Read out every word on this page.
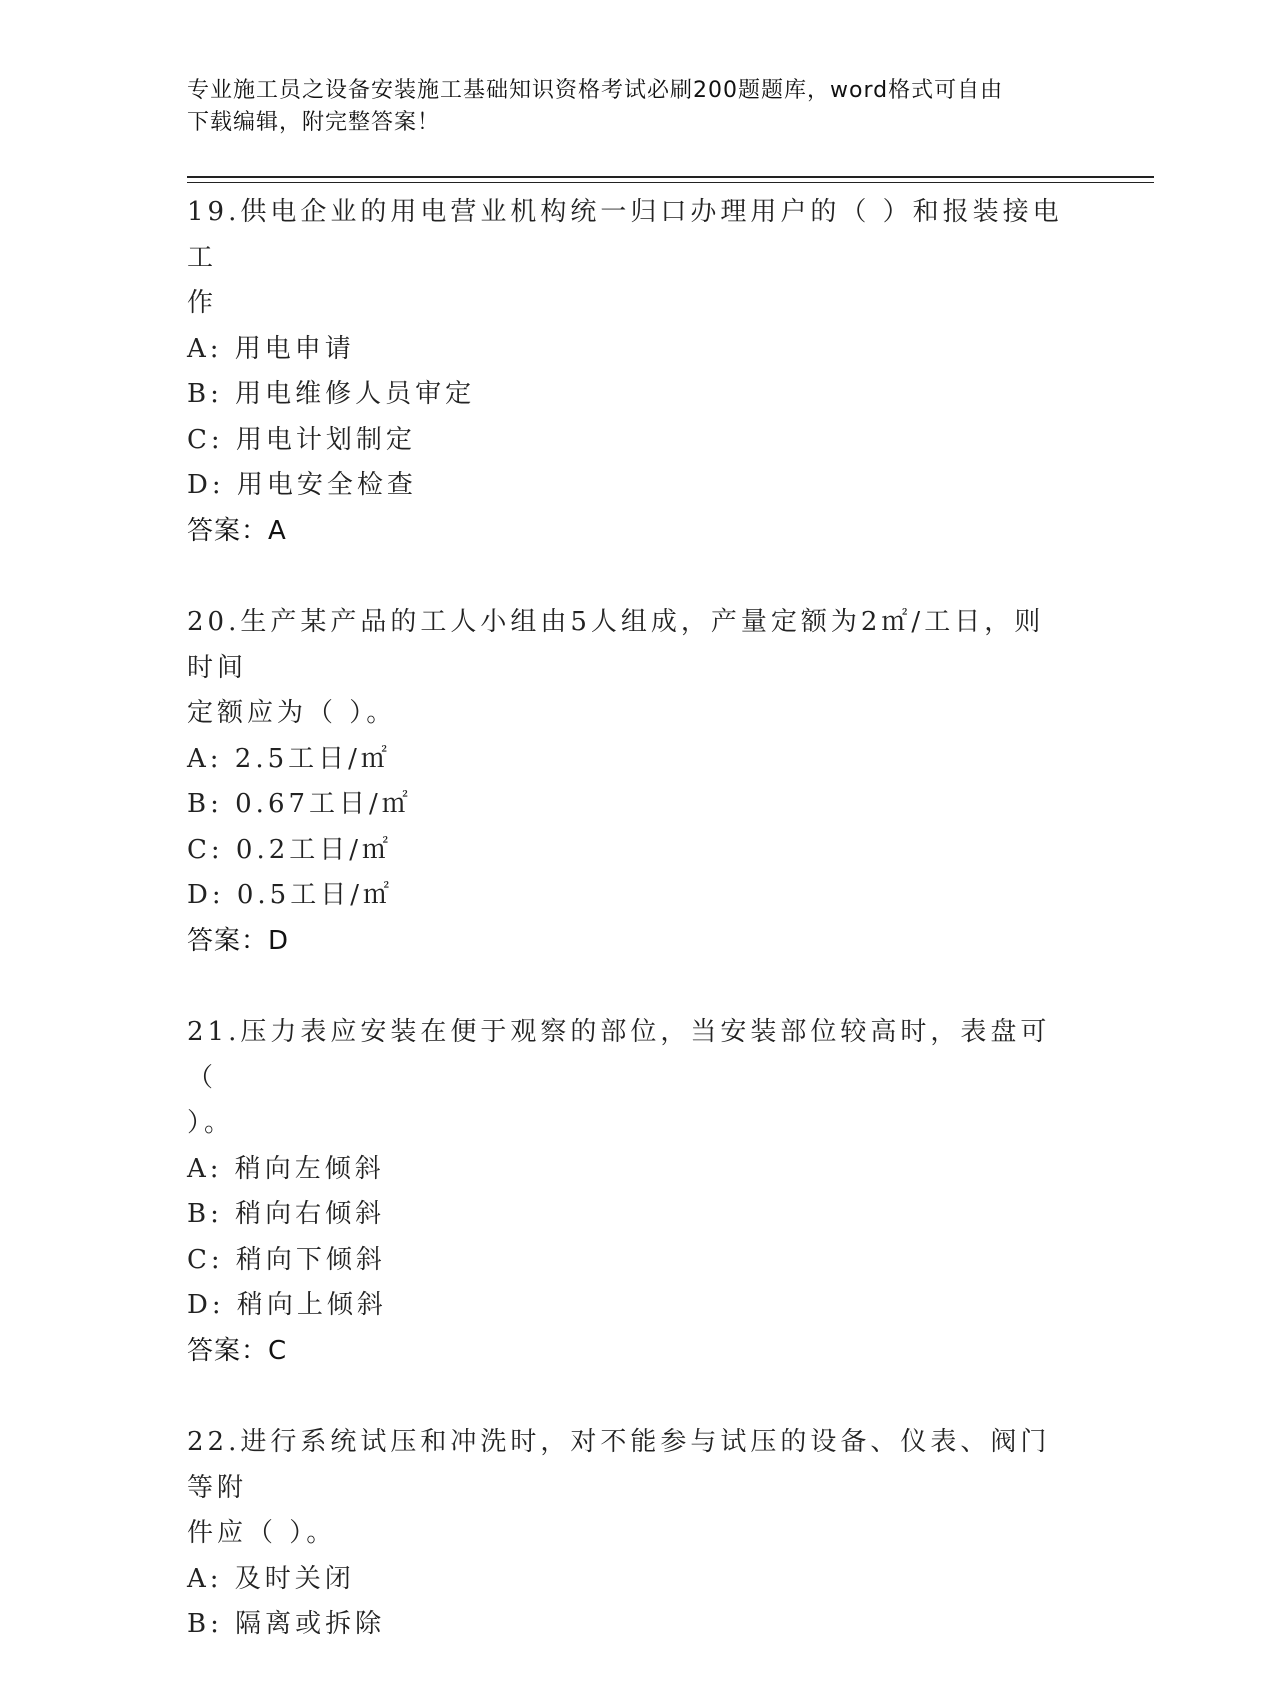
专业施工员之设备安装施工基础知识资格考试必刷200题题库，word格式可自由
下载编辑，附完整答案！
19.供电企业的用电营业机构统一归口办理用户的（ ）和报装接电工
作
A: 用电申请
B: 用电维修人员审定
C: 用电计划制定
D: 用电安全检查
答案：A
20.生产某产品的工人小组由5人组成，产量定额为2㎡/工日，则时间
定额应为（ ）。
A: 2.5工日/㎡
B: 0.67工日/㎡
C: 0.2工日/㎡
D: 0.5工日/㎡
答案：D
21.压力表应安装在便于观察的部位，当安装部位较高时，表盘可（
）。
A: 稍向左倾斜
B: 稍向右倾斜
C: 稍向下倾斜
D: 稍向上倾斜
答案：C
22.进行系统试压和冲洗时，对不能参与试压的设备、仪表、阀门等附
件应（ ）。
A: 及时关闭
B: 隔离或拆除
